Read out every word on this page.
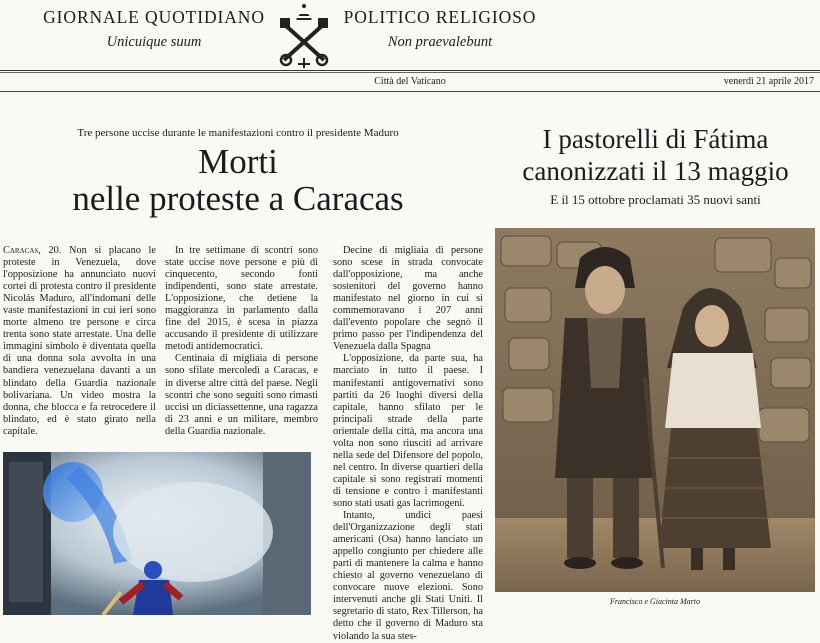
GIORNALE QUOTIDIANO
Unicuique suum
POLITICO RELIGIOSO
Non praevalebunt
Città del Vaticano	venerdì 21 aprile 2017
Tre persone uccise durante le manifestazioni contro il presidente Maduro
Morti
nelle proteste a Caracas

Caracas, 20. Non si placano le proteste in Venezuela, dove l'opposizione ha annunciato nuovi cortei di protesta contro il presidente Nicolás Maduro, all'indomani delle vaste manifestazioni in cui ieri sono morte almeno tre persone e circa trenta sono state arrestate. Una delle immagini simbolo è diventata quella di una donna sola avvolta in una bandiera venezuelana davanti a un blindato della Guardia nazionale bolivariana. Un video mostra la donna, che blocca e fa retrocedere il blindato, ed è stato girato nella capitale.

In tre settimane di scontri sono state uccise nove persone e più di cinquecento, secondo fonti indipendenti, sono state arrestate. L'opposizione, che detiene la maggioranza in parlamento dalla fine del 2015, è scesa in piazza accusando il presidente di utilizzare metodi antidemocratici.

Centinaia di migliaia di persone sono sfilate mercoledì a Caracas, e in diverse altre città del paese. Negli scontri che sono seguiti sono rimasti uccisi un diciassettenne, una ragazza di 23 anni e un militare, membro della Guardia nazionale.

Decine di migliaia di persone sono scese in strada convocate dall'opposizione, ma anche sostenitori del governo hanno manifestato nel giorno in cui si commemoravano i 207 anni dall'evento popolare che segnò il primo passo per l'indipendenza del Venezuela dalla Spagna

L'opposizione, da parte sua, ha marciato in tutto il paese. I manifestanti antigovernativi sono partiti da 26 luoghi diversi della capitale, hanno sfilato per le principali strade della parte orientale della città, ma ancora una volta non sono riusciti ad arrivare nella sede del Difensore del popolo, nel centro. In diverse quartieri della capitale si sono registrati momenti di tensione e contro i manifestanti sono stati usati gas lacrimogeni.

Intanto, undici paesi dell'Organizzazione degli stati americani (Osa) hanno lanciato un appello congiunto per chiedere alle parti di mantenere la calma e hanno chiesto al governo venezuelano di convocare nuove elezioni. Sono intervenuti anche gli Stati Uniti. Il segretario di stato, Rex Tillerson, ha detto che il governo di Maduro sta violando la sua stes-

I pastorelli di Fátima
canonizzati il 13 maggio
E il 15 ottobre proclamati 35 nuovi santi
Francisco e Giacinta Marto
